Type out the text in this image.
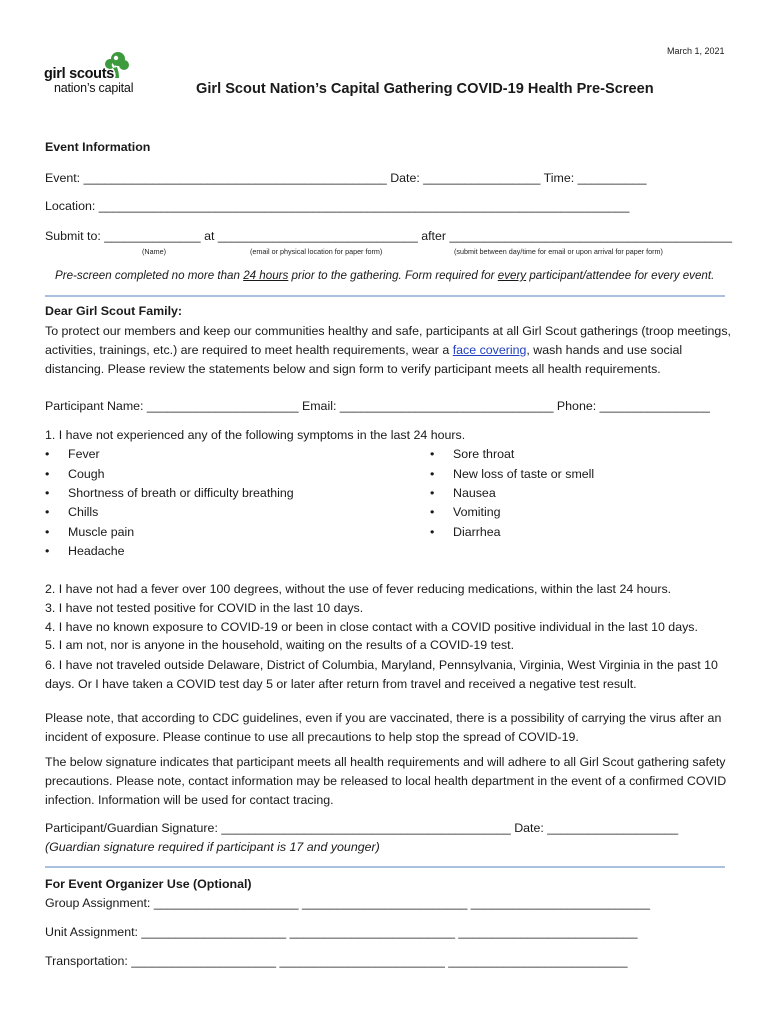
March 1, 2021
girl scouts
nation’s capital	Girl Scout Nation’s Capital Gathering COVID-19 Health Pre-Screen
Event Information
Event: ____________________________________________ Date: _________________ Time: __________
Location: _____________________________________________________________________________
Submit to: ______________ at _____________________________ after _________________________________________
(Name)	(email or physical location for paper form)	(submit between day/time for email or upon arrival for paper form)
Pre-screen completed no more than 24 hours prior to the gathering. Form required for every participant/attendee for every event.
Dear Girl Scout Family:
To protect our members and keep our communities healthy and safe, participants at all Girl Scout gatherings (troop meetings, activities, trainings, etc.) are required to meet health requirements, wear a face covering, wash hands and use social distancing. Please review the statements below and sign form to verify participant meets all health requirements.
Participant Name: ______________________ Email: _______________________________ Phone: ________________
1. I have not experienced any of the following symptoms in the last 24 hours.
• Fever
• Cough
• Shortness of breath or difficulty breathing
• Chills
• Muscle pain
• Headache
• Sore throat
• New loss of taste or smell
• Nausea
• Vomiting
• Diarrhea
2. I have not had a fever over 100 degrees, without the use of fever reducing medications, within the last 24 hours.
3. I have not tested positive for COVID in the last 10 days.
4. I have no known exposure to COVID-19 or been in close contact with a COVID positive individual in the last 10 days.
5. I am not, nor is anyone in the household, waiting on the results of a COVID-19 test.
6. I have not traveled outside Delaware, District of Columbia, Maryland, Pennsylvania, Virginia, West Virginia in the past 10 days. Or I have taken a COVID test day 5 or later after return from travel and received a negative test result.
Please note, that according to CDC guidelines, even if you are vaccinated, there is a possibility of carrying the virus after an incident of exposure. Please continue to use all precautions to help stop the spread of COVID-19.
The below signature indicates that participant meets all health requirements and will adhere to all Girl Scout gathering safety precautions. Please note, contact information may be released to local health department in the event of a confirmed COVID infection. Information will be used for contact tracing.
Participant/Guardian Signature: __________________________________________ Date: ___________________
(Guardian signature required if participant is 17 and younger)
For Event Organizer Use (Optional)
Group Assignment: _____________________ ________________________ __________________________
Unit Assignment: _____________________ ________________________ __________________________
Transportation: _____________________ ________________________ __________________________
